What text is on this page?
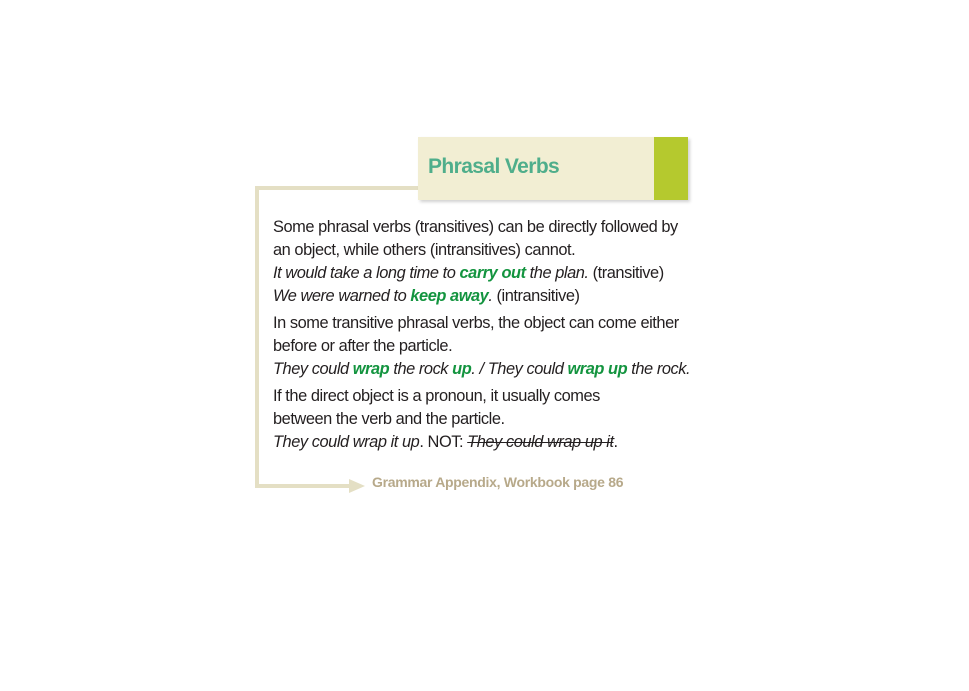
Phrasal Verbs
Some phrasal verbs (transitives) can be directly followed by
an object, while others (intransitives) cannot.
It would take a long time to carry out the plan. (transitive)
We were warned to keep away. (intransitive)
In some transitive phrasal verbs, the object can come either
before or after the particle.
They could wrap the rock up. / They could wrap up the rock.
If the direct object is a pronoun, it usually comes
between the verb and the particle.
They could wrap it up. NOT: They could wrap up it.
Grammar Appendix, Workbook page 86
